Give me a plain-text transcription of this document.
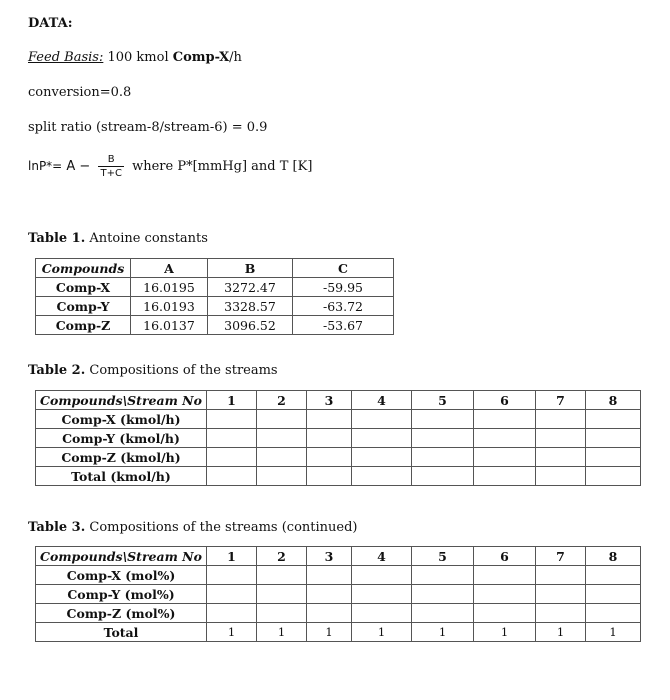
DATA:
Feed Basis: 100 kmol Comp-X/h
conversion=0.8
split ratio (stream-8/stream-6) = 0.9
$\ln P*= A - \frac{B}{T+C}$ where P*[mmHg] and T [K]
Table 1. Antoine constants
Compounds	A	B	C
Comp-X	16.0195	3272.47	-59.95
Comp-Y	16.0193	3328.57	-63.72
Comp-Z	16.0137	3096.52	-53.67
Table 2. Compositions of the streams
Compounds\Stream No	1	2	3	4	5	6	7	8
Comp-X (kmol/h)								
Comp-Y (kmol/h)								
Comp-Z (kmol/h)								
Total (kmol/h)								
Table 3. Compositions of the streams (continued)
Compounds\Stream No	1	2	3	4	5	6	7	8
Comp-X (mol%)								
Comp-Y (mol%)								
Comp-Z (mol%)								
Total	1	1	1	1	1	1	1	1
